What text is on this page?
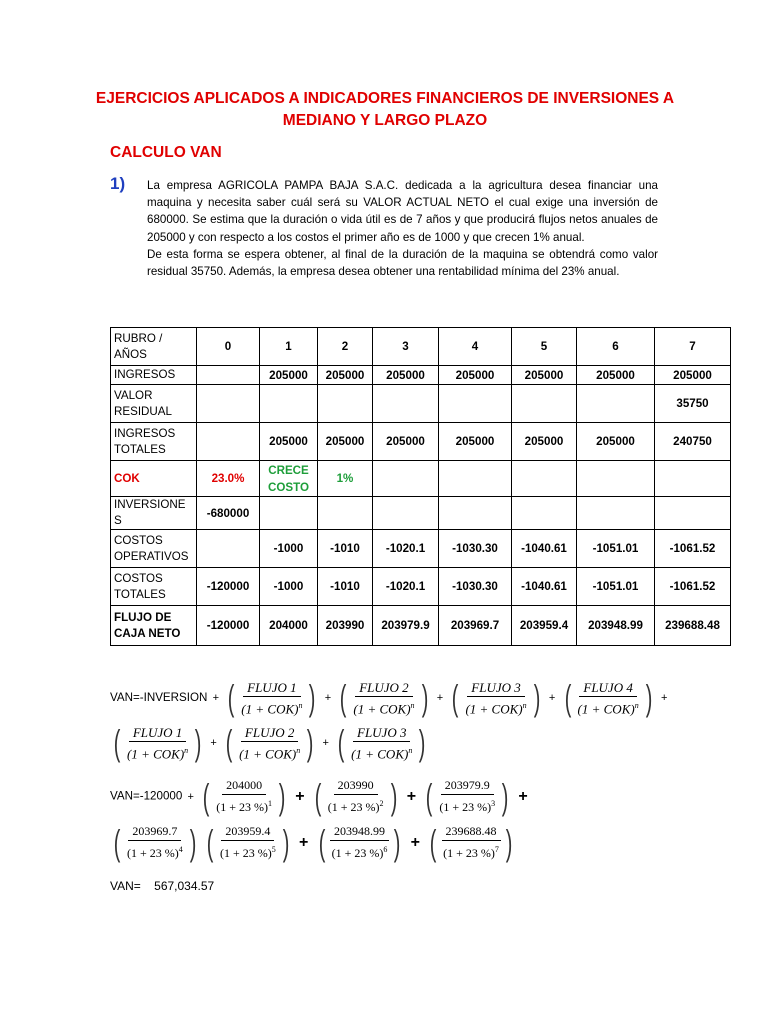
EJERCICIOS APLICADOS A INDICADORES FINANCIEROS DE INVERSIONES A MEDIANO Y LARGO PLAZO
CALCULO VAN
1) La empresa AGRICOLA PAMPA BAJA S.A.C. dedicada a la agricultura desea financiar una maquina y necesita saber cuál será su VALOR ACTUAL NETO el cual exige una inversión de 680000. Se estima que la duración o vida útil es de 7 años y que producirá flujos netos anuales de 205000 y con respecto a los costos el primer año es de 1000 y que crecen 1% anual.

De esta forma se espera obtener, al final de la duración de la maquina se obtendrá como valor residual 35750. Además, la empresa desea obtener una rentabilidad mínima del 23% anual.

RUBRO / AÑOS	0	1	2	3	4	5	6	7
INGRESOS		205000	205000	205000	205000	205000	205000	205000
VALOR RESIDUAL								35750
INGRESOS TOTALES		205000	205000	205000	205000	205000	205000	240750
COK	23.0%	CRECE COSTO	1%					
INVERSIONES	-680000							
COSTOS OPERATIVOS		-1000	-1010	-1020.1	-1030.30	-1040.61	-1051.01	-1061.52
COSTOS TOTALES	-120000	-1000	-1010	-1020.1	-1030.30	-1040.61	-1051.01	-1061.52
FLUJO DE CAJA NETO	-120000	204000	203990	203979.9	203969.7	203959.4	203948.99	239688.48
VAN=-INVERSION + ( $\frac{\text{FLUJO 1}}{(1 + COK)^n}$ ) + ( $\frac{\text{FLUJO 2}}{(1 + COK)^n}$ ) + ( $\frac{\text{FLUJO 3}}{(1 + COK)^n}$ ) + ( $\frac{\text{FLUJO 4}}{(1 + COK)^n}$ ) +
( $\frac{\text{FLUJO 1}}{(1 + COK)^n}$ ) + ( $\frac{\text{FLUJO 2}}{(1 + COK)^n}$ ) + ( $\frac{\text{FLUJO 3}}{(1 + COK)^n}$ )
VAN=-120000 + ( $\frac{204000}{(1 + 23 \%)^1}$ ) + ( $\frac{203990}{(1 + 23 \%)^2}$ ) + ( $\frac{203979.9}{(1 + 23 \%)^3}$ ) +
( $\frac{203969.7}{(1 + 23 \%)^4}$ )
( $\frac{203959.4}{(1 + 23 \%)^5}$ ) + ( $\frac{203948.99}{(1 + 23 \%)^6}$ ) + ( $\frac{239688.48}{(1 + 23 \%)^7}$ )
VAN= 567,034.57
